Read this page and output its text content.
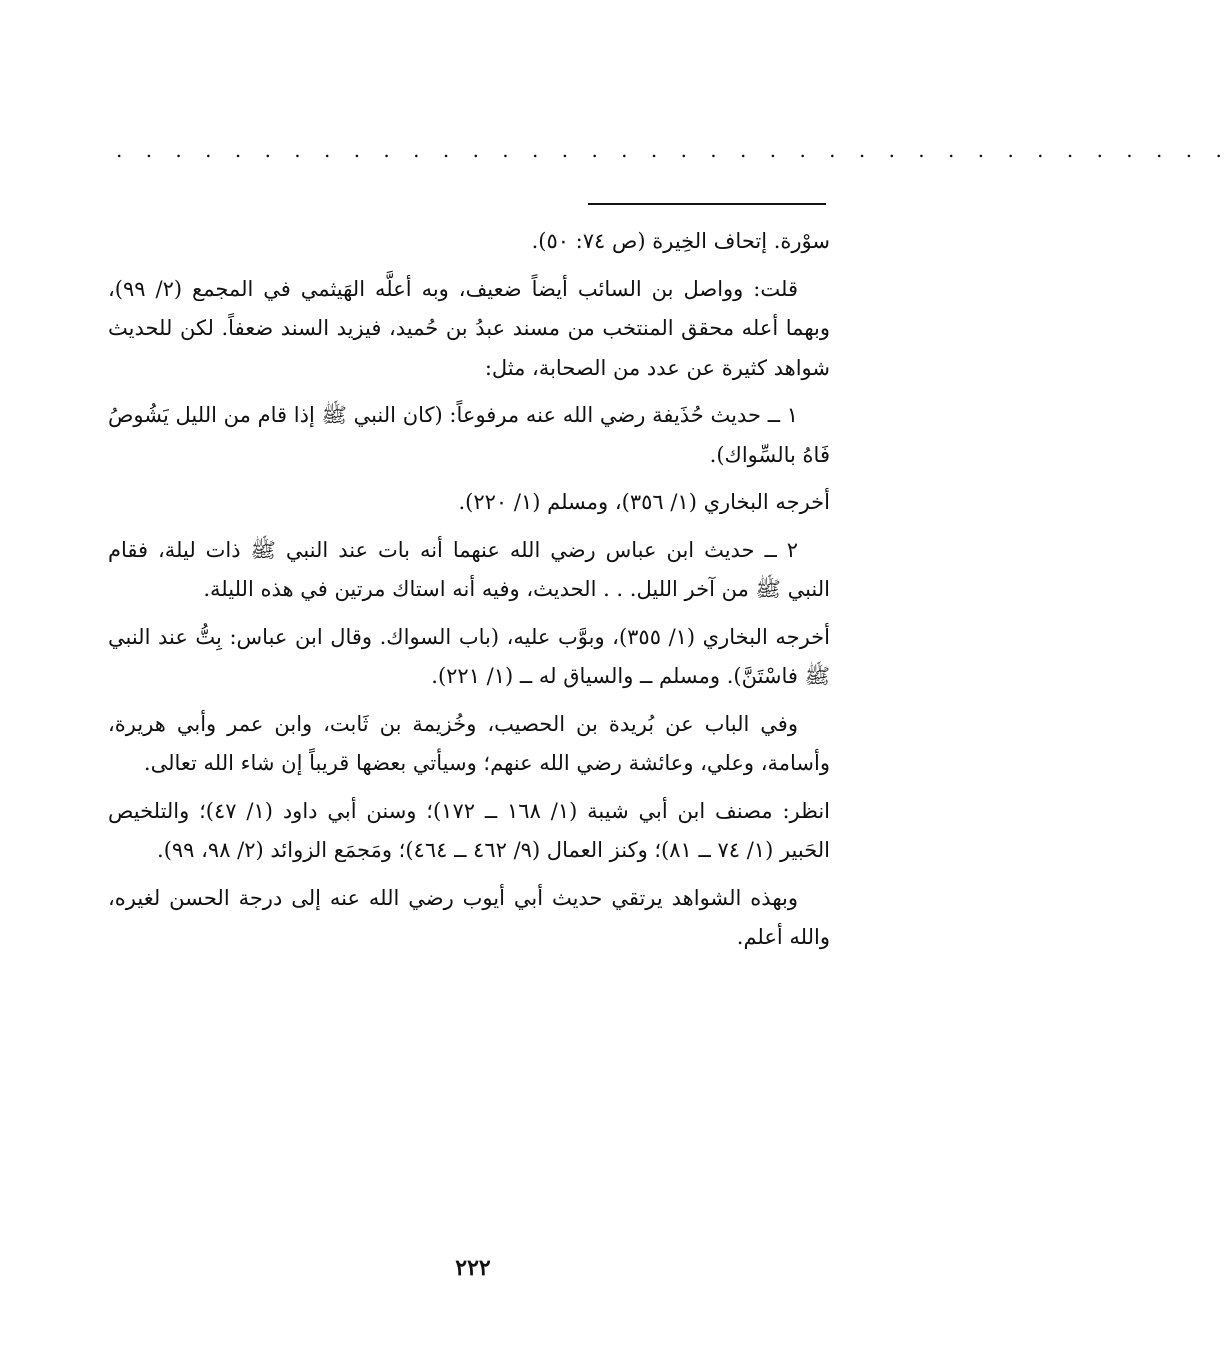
. . . . . . . . . . . . . . . . . . . . . . . . . . . . . . . . . . . . . .

سوْرة. إتحاف الخِيرة (ص ٧٤: ٥٠).

قلت: وواصل بن السائب أيضاً ضعيف، وبه أعلَّه الهَيثمي في المجمع (٢/ ٩٩)، وبهما أعله محقق المنتخب من مسند عبدُ بن حُميد، فيزيد السند ضعفاً. لكن للحديث شواهد كثيرة عن عدد من الصحابة، مثل:

١ ــ حديث حُذَيفة رضي الله عنه مرفوعاً: (كان النبي ﷺ إذا قام من الليل يَشُوصُ فَاهُ بالسِّواك).

أخرجه البخاري (١/ ٣٥٦)، ومسلم (١/ ٢٢٠).

٢ ــ حديث ابن عباس رضي الله عنهما أنه بات عند النبي ﷺ ذات ليلة، فقام النبي ﷺ من آخر الليل. . . الحديث، وفيه أنه استاك مرتين في هذه الليلة.

أخرجه البخاري (١/ ٣٥٥)، وبوَّب عليه، (باب السواك. وقال ابن عباس: بِتُّ عند النبي ﷺ فاسْتَنَّ). ومسلم ــ والسياق له ــ (١/ ٢٢١).

وفي الباب عن بُريدة بن الحصيب، وخُزيمة بن ثَابت، وابن عمر وأبي هريرة، وأسامة، وعلي، وعائشة رضي الله عنهم؛ وسيأتي بعضها قريباً إن شاء الله تعالى.

انظر: مصنف ابن أبي شيبة (١/ ١٦٨ ــ ١٧٢)؛ وسنن أبي داود (١/ ٤٧)؛ والتلخيص الحَبير (١/ ٧٤ ــ ٨١)؛ وكنز العمال (٩/ ٤٦٢ ــ ٤٦٤)؛ ومَجمَع الزوائد (٢/ ٩٨، ٩٩).

وبهذه الشواهد يرتقي حديث أبي أيوب رضي الله عنه إلى درجة الحسن لغيره، والله أعلم.

٢٢٢
